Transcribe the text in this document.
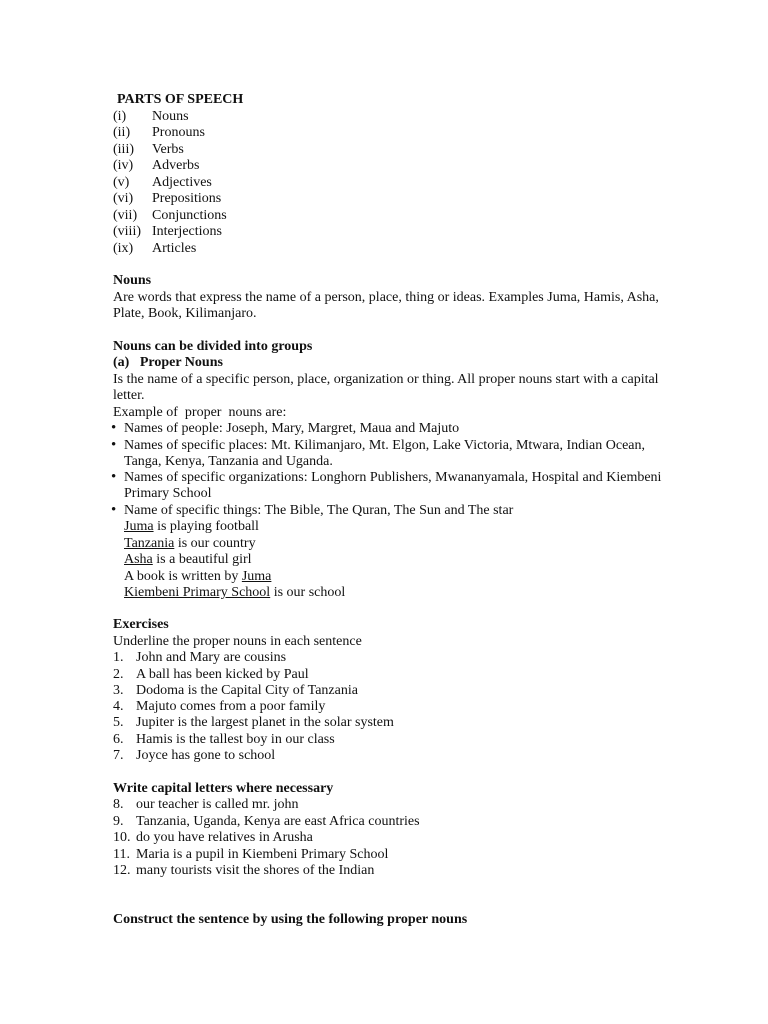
PARTS OF SPEECH
(i) Nouns
(ii) Pronouns
(iii) Verbs
(iv) Adverbs
(v) Adjectives
(vi) Prepositions
(vii) Conjunctions
(viii) Interjections
(ix) Articles
Nouns
Are words that express the name of a person, place, thing or ideas. Examples Juma, Hamis, Asha,
Plate, Book, Kilimanjaro.
Nouns can be divided into groups
(a)   Proper Nouns
Is the name of a specific person, place, organization or thing. All proper nouns start with a capital
letter.
Example of  proper  nouns are:
• Names of people: Joseph, Mary, Margret, Maua and Majuto
• Names of specific places: Mt. Kilimanjaro, Mt. Elgon, Lake Victoria, Mtwara, Indian Ocean,
Tanga, Kenya, Tanzania and Uganda.
• Names of specific organizations: Longhorn Publishers, Mwananyamala, Hospital and Kiembeni
Primary School
• Name of specific things: The Bible, The Quran, The Sun and The star
Juma is playing football
Tanzania is our country
Asha is a beautiful girl
A book is written by Juma
Kiembeni Primary School is our school
Exercises
Underline the proper nouns in each sentence
1. John and Mary are cousins
2. A ball has been kicked by Paul
3. Dodoma is the Capital City of Tanzania
4. Majuto comes from a poor family
5. Jupiter is the largest planet in the solar system
6. Hamis is the tallest boy in our class
7. Joyce has gone to school
Write capital letters where necessary
8. our teacher is called mr. john
9. Tanzania, Uganda, Kenya are east Africa countries
10. do you have relatives in Arusha
11. Maria is a pupil in Kiembeni Primary School
12. many tourists visit the shores of the Indian
Construct the sentence by using the following proper nouns
